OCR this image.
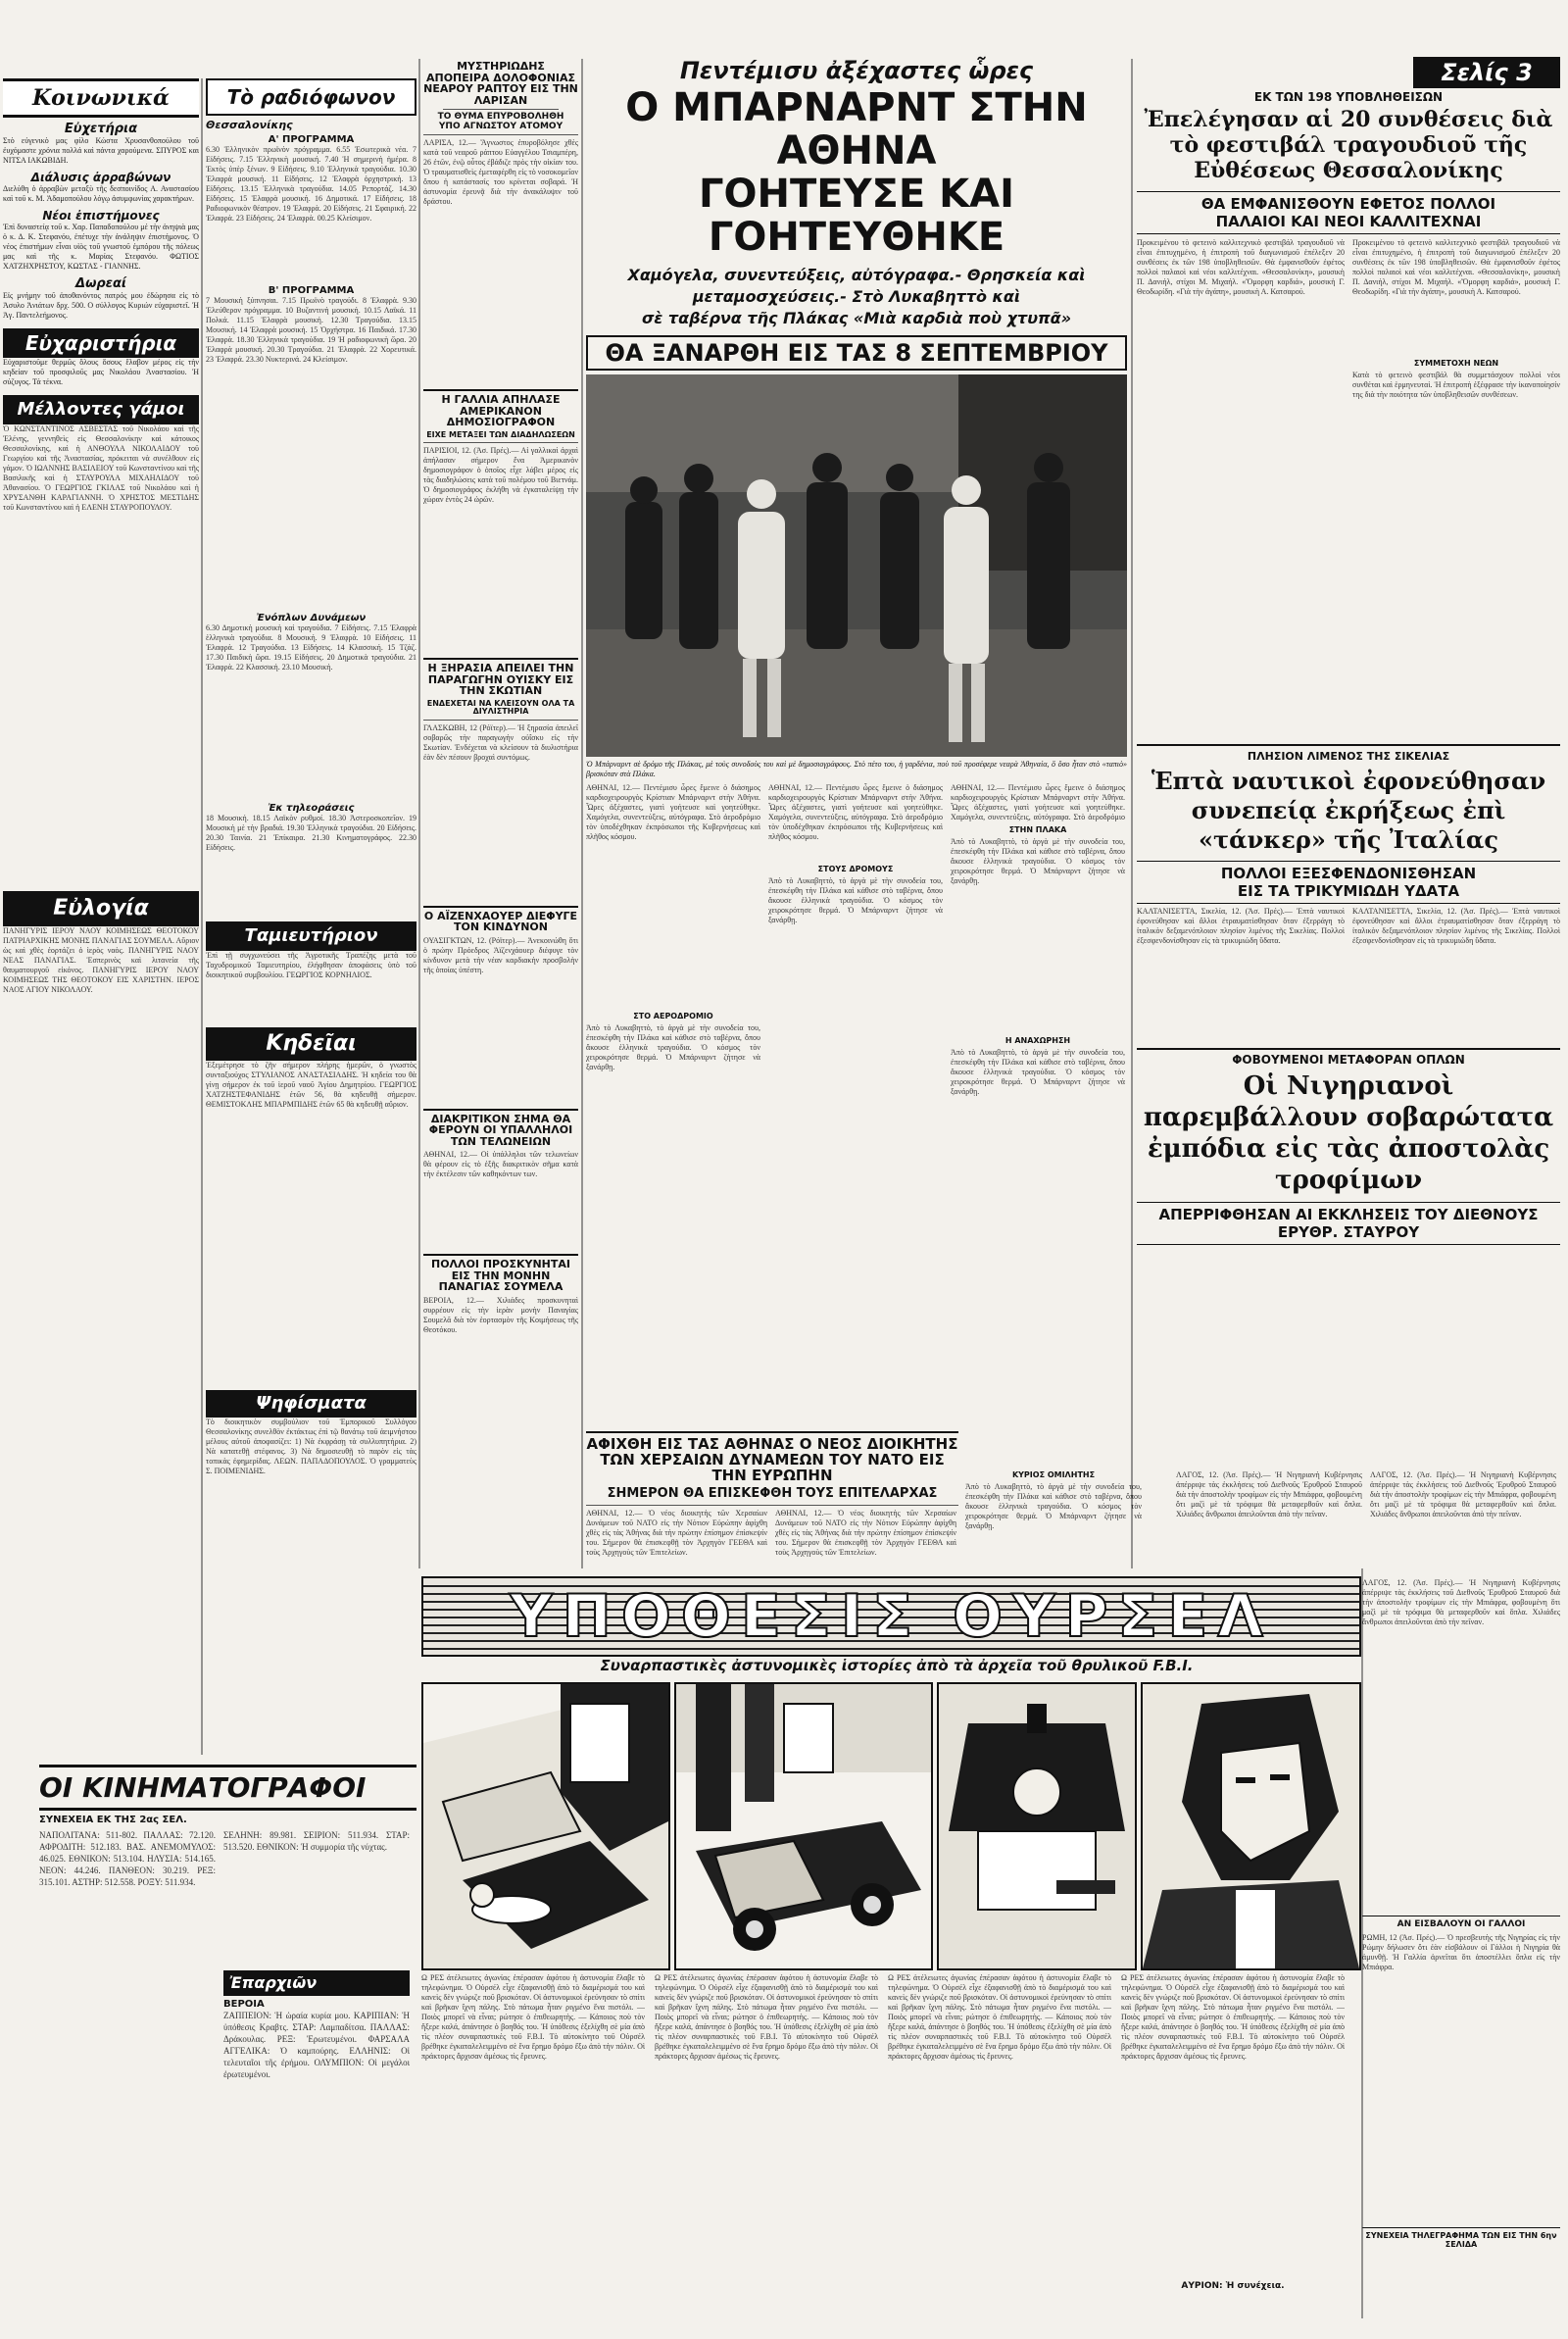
Κοινωνικά
Εὐχετήρια
Στὸ εὐγενικὸ μας φίλο Κώστα Χρυσανθοπούλου τοῦ ἐυχόμαστε χρόνια πολλά καὶ πάντα χαρούμενα. ΣΠΥΡΟΣ και ΝΙΤΣΑ ΙΑΚΩΒΙΔΗ.
Διάλυσις ἀρραβώνων
Διελύθη ὁ ἀρραβὼν μεταξὺ τῆς δεσποινίδος Α. Αναστασίου καὶ τοῦ κ. Μ. Ἀδαμοπούλου λόγῳ ἀσυμφωνίας χαρακτήρων.
Νέοι ἐπιστήμονες
Ἐπὶ δυναστείᾳ τοῦ κ. Χαρ. Παπαδοπούλου μέ τὴν ἀνηψιὰ μας ὁ κ. Δ. Κ. Στεφανόυ, ἐπέτυχε τὴν ἀνάληψιν ἐπιστήμονος. Ὁ νέος ἐπιστήμων εἶναι υἱὸς τοῦ γνωστοῦ ἐμπόρου τῆς πόλεως μας καὶ τῆς κ. Μαρίας Στεφανόυ. ΦΩΤΙΟΣ ΧΑΤΖΗΧΡΗΣΤΟΥ, ΚΩΣΤΑΣ - ΓΙΑΝΝΗΣ.
Δωρεαί
Εἰς μνήμην τοῦ ἀποθανόντος πατρός μου ἐδώρησα εἰς τὸ Ἀσυλο Ἀνιάτων δρχ. 500. Ο σύλλογος Κυριών εὐχαριστεῖ. Ἡ Ἀγ. Παντελεήμονος.
Εὐχαριστήρια
Εὐχαριστοῦμε θερμῶς ὅλους ὅσους ἔλαβον μέρος εἰς τὴν κηδείαν τοῦ προσφιλοῦς μας Νικολάου Ἀναστασίου. Ἡ σύζυγος. Τά τέκνα.
Μέλλοντες γάμοι
Ὁ ΚΩΝΣΤΑΝΤΙΝΟΣ ΑΣΒΕΣΤΑΣ τοῦ Νικολάου καὶ τῆς Ἑλένης, γεννηθεὶς εἰς Θεσσαλονίκην καὶ κάτοικος Θεσσαλονίκης, καὶ ἡ ΑΝΘΟΥΛΑ ΝΙΚΟΛΑΙΔΟΥ τοῦ Γεωργίου καὶ τῆς Ἀναστασίας, πρόκειται νὰ συνέλθουν εἰς γάμον. Ὁ ΙΩΑΝΝΗΣ ΒΑΣΙΛΕΙΟΥ τοῦ Κωνσταντίνου καὶ τῆς Βασιλικῆς καὶ ἡ ΣΤΑΥΡΟΥΛΑ ΜΙΧΑΗΛΙΔΟΥ τοῦ Ἀθανασίου. Ὁ ΓΕΩΡΓΙΟΣ ΓΚΙΛΑΣ τοῦ Νικολάου καὶ ἡ ΧΡΥΣΑΝΘΗ ΚΑΡΑΓΙΑΝΝΗ. Ὁ ΧΡΗΣΤΟΣ ΜΕΣΤΙΔΗΣ τοῦ Κωνσταντίνου καὶ ἡ ΕΛΕΝΗ ΣΤΑΥΡΟΠΟΥΛΟΥ.
Εὐλογία
ΠΑΝΗΓΥΡΙΣ ΙΕΡΟΥ ΝΑΟΥ ΚΟΙΜΗΣΕΩΣ ΘΕΟΤΟΚΟΥ ΠΑΤΡΙΑΡΧΙΚΗΣ ΜΟΝΗΣ ΠΑΝΑΓΙΑΣ ΣΟΥΜΕΛΑ. Αὔριον ὡς καὶ χθὲς ἐορτάζει ὁ ἱερὸς ναὸς. ΠΑΝΗΓΥΡΙΣ ΝΑΟΥ ΝΕΑΣ ΠΑΝΑΓΙΑΣ. Ἑσπερινὸς καὶ λιτανεία τῆς θαυματουργοῦ εἰκόνος. ΠΑΝΗΓΥΡΙΣ ΙΕΡΟΥ ΝΑΟΥ ΚΟΙΜΗΣΕΩΣ ΤΗΣ ΘΕΟΤΟΚΟΥ ΕΙΣ ΧΑΡΙΣΤΗΝ. ΙΕΡΟΣ ΝΑΟΣ ΑΓΙΟΥ ΝΙΚΟΛΑΟΥ.
ΟΙ ΚΙΝΗΜΑΤΟΓΡΑΦΟΙ
ΣΥΝΕΧΕΙΑ ΕΚ ΤΗΣ 2ας ΣΕΛ.
ΝΑΠΟΛΙΤΑΝΑ: 511-802. ΠΑΛΛΑΣ: 72.120. ΑΦΡΟΔΙΤΗ: 512.183. ΒΑΣ. ΑΝΕΜΟΜΥΛΟΣ: 46.025. ΕΘΝΙΚΟΝ: 513.104. ΗΛΥΣΙΑ: 514.165. ΝΕΟΝ: 44.246. ΠΑΝΘΕΟΝ: 30.219. ΡΕΞ: 315.101. ΑΣΤΗΡ: 512.558. ΡΟΞΥ: 511.934.
ΣΕΛΗΝΗ: 89.981. ΣΕΙΡΙΟΝ: 511.934. ΣΤΑΡ: 513.520. ΕΘΝΙΚΟΝ: Ἡ συμμορία τῆς νύχτας.
Ἐπαρχιῶν
ΒΕΡΟΙΑ
ΖΑΠΠΕΙΟΝ: Ἡ ὡραία κυρία μου. ΚΑΡΙΠΙΑΝ: Ἡ ὑπόθεσις Κραβτς. ΣΤΑΡ: Λαμπαδίτσα. ΠΑΛΛΑΣ: Δράκουλας. ΡΕΞ: Ἐρωτευμένοι. ΦΑΡΣΑΛΑ ΑΓΓΕΛΙΚΑ: Ὁ καμπούρης. ΕΛΛΗΝΙΣ: Οἱ τελευταῖοι τῆς ἐρήμου. ΟΛΥΜΠΙΟΝ: Οἱ μεγάλοι ἐρωτευμένοι.
Τὸ ραδιόφωνον
Θεσσαλονίκης
Α' ΠΡΟΓΡΑΜΜΑ
6.30 Ἑλληνικὸν πρωϊνὸν πρόγραμμα. 6.55 Ἐσωτερικὰ νέα. 7 Εἰδήσεις. 7.15 Ἑλληνικὴ μουσική. 7.40 Ἡ σημερινὴ ἡμέρα. 8 Ἐκτὸς ὑπὲρ ξένων. 9 Εἰδήσεις. 9.10 Ἑλληνικὰ τραγούδια. 10.30 Ἐλαφρὰ μουσική. 11 Εἰδήσεις. 12 Ἐλαφρὰ ὀρχηστρική. 13 Εἰδήσεις. 13.15 Ἑλληνικὰ τραγούδια. 14.05 Ρεπορτάζ. 14.30 Εἰδήσεις. 15 Ἐλαφρὰ μουσική. 16 Δημοτικά. 17 Εἰδήσεις. 18 Ραδιοφωνικὸν θέατρον. 19 Ἐλαφρὰ. 20 Εἰδήσεις. 21 Σφαιρική. 22 Ἐλαφρὰ. 23 Εἰδήσεις. 24 Ἐλαφρὰ. 00.25 Κλείσιμον.
Β' ΠΡΟΓΡΑΜΜΑ
7 Μουσικὴ ξύπνησαι. 7.15 Πρωϊνὸ τραγούδι. 8 Ἐλαφρὰ. 9.30 Ἐλεύθερον πρόγραμμα. 10 Βυζαντινὴ μουσική. 10.15 Λαϊκά. 11 Πολκά. 11.15 Ἐλαφρὰ μουσική. 12.30 Τραγούδια. 13.15 Μουσική. 14 Ἐλαφρὰ μουσική. 15 Ὀρχήστρα. 16 Παιδικά. 17.30 Ἐλαφρὰ. 18.30 Ἑλληνικὰ τραγούδια. 19 Ἡ ραδιοφωνικὴ ὥρα. 20 Ἐλαφρὰ μουσική. 20.30 Τραγούδια. 21 Ἐλαφρὰ. 22 Χορευτικά. 23 Ἐλαφρά. 23.30 Νυκτερινά. 24 Κλείσιμον.
Ἐνόπλων Δυνάμεων
6.30 Δημοτικὴ μουσικὴ καὶ τραγούδια. 7 Εἰδήσεις. 7.15 Ἐλαφρὰ ἑλληνικὰ τραγούδια. 8 Μουσική. 9 Ἐλαφρὰ. 10 Εἰδήσεις. 11 Ἐλαφρὰ. 12 Τραγούδια. 13 Εἰδήσεις. 14 Κλασσική. 15 Τζάζ. 17.30 Παιδικὴ ὥρα. 19.15 Εἰδήσεις. 20 Δημοτικὰ τραγούδια. 21 Ἐλαφρὰ. 22 Κλασσική. 23.10 Μουσική.
Ἐκ τηλεοράσεις
18 Μουσική. 18.15 Λαϊκὸν ρυθμοί. 18.30 Ἀστεροσκοπεῖον. 19 Μουσικὴ μὲ τὴν βραδιά. 19.30 Ἑλληνικὰ τραγούδια. 20 Εἰδήσεις. 20.30 Ταινία. 21 Ἐπίκαιρα. 21.30 Κινηματογράφος. 22.30 Εἰδήσεις.
Ταμιευτήριον
Ἐπὶ τῇ συγχωνεύσει τῆς Ἀγροτικῆς Τραπέζης μετὰ τοῦ Ταχυδρομικοῦ Ταμιευτηρίου, ἐλήφθησαν ἀποφάσεις ὑπὸ τοῦ διοικητικοῦ συμβουλίου. ΓΕΩΡΓΙΟΣ ΚΟΡΝΗΛΙΟΣ.
Κηδεῖαι
Ἐξεμέτρησε τὸ ζῆν σήμερον πλήρης ἡμερῶν, ὁ γνωστὸς συνταξιούχος ΣΤΥΛΙΑΝΟΣ ΑΝΑΣΤΑΣΙΑΔΗΣ. Ἡ κηδεία του θὰ γίνῃ σήμερον ἐκ τοῦ ἱεροῦ ναοῦ Ἁγίου Δημητρίου. ΓΕΩΡΓΙΟΣ ΧΑΤΖΗΣΤΕΦΑΝΙΔΗΣ ἐτῶν 56, θὰ κηδευθῇ σήμερον. ΘΕΜΙΣΤΟΚΛΗΣ ΜΠΑΡΜΠΙΔΗΣ ἐτῶν 65 θὰ κηδευθῇ αὔριον.
Ψηφίσματα
Τὸ διοικητικὸν συμβούλιον τοῦ Ἐμπορικοῦ Συλλόγου Θεσσαλονίκης συνελθὸν ἐκτάκτως ἐπὶ τῷ θανάτῳ τοῦ ἀειμνήστου μέλους αὐτοῦ ἀποφασίζει: 1) Νὰ ἐκφράσῃ τὰ συλλυπητήρια. 2) Νὰ κατατεθῇ στέφανος. 3) Νὰ δημοσιευθῇ τὸ παρὸν εἰς τὰς τοπικὰς ἐφημερίδας. ΛΕΩΝ. ΠΑΠΑΔΟΠΟΥΛΟΣ. Ὁ γραμματεὺς Σ. ΠΟΙΜΕΝΙΔΗΣ.
ΜΥΣΤΗΡΙΩΔΗΣ ΑΠΟΠΕΙΡΑ ΔΟΛΟΦΟΝΙΑΣ ΝΕΑΡΟΥ ΡΑΠΤΟΥ ΕΙΣ ΤΗΝ ΛΑΡΙΣΑΝ
ΤΟ ΘΥΜΑ ΕΠΥΡΟΒΟΛΗΘΗ
ΥΠΟ ΑΓΝΩΣΤΟΥ ΑΤΟΜΟΥ
ΛΑΡΙΣΑ, 12.— Ἄγνωστος ἐπυροβόλησε χθὲς κατὰ τοῦ νεαροῦ ράπτου Εὐαγγέλου Τσιαμπέρη, 26 ἐτῶν, ἐνῷ οὗτος ἐβάδιζε πρὸς τὴν οἰκίαν του. Ὁ τραυματισθεὶς ἐμεταφέρθη εἰς τὸ νοσοκομεῖον ὅπου ἡ κατάστασίς του κρίνεται σοβαρά. Ἡ ἀστυνομία ἐρευνᾷ διὰ τὴν ἀνακάλυψιν τοῦ δράστου.
Η ΓΑΛΛΙΑ ΑΠΗΛΑΣΕ ΑΜΕΡΙΚΑΝΟΝ ΔΗΜΟΣΙΟΓΡΑΦΟΝ
ΕΙΧΕ ΜΕΤΑΞΕΙ ΤΩΝ ΔΙΑΔΗΛΩΣΕΩΝ
ΠΑΡΙΣΙΟΙ, 12. (Ἀσ. Πρές).— Αἱ γαλλικαὶ ἀρχαὶ ἀπήλασαν σήμερον ἕνα Ἀμερικανὸν δημοσιογράφον ὁ ὁποῖος εἶχε λάβει μέρος εἰς τὰς διαδηλώσεις κατὰ τοῦ πολέμου τοῦ Βιετνάμ. Ὁ δημοσιογράφος ἐκλήθη νὰ ἐγκαταλείψῃ τὴν χώραν ἐντὸς 24 ὡρῶν.
Η ΞΗΡΑΣΙΑ ΑΠΕΙΛΕΙ ΤΗΝ ΠΑΡΑΓΩΓΗΝ ΟΥΙΣΚΥ ΕΙΣ ΤΗΝ ΣΚΩΤΙΑΝ
ΕΝΔΕΧΕΤΑΙ ΝΑ ΚΛΕΙΣΟΥΝ ΟΛΑ ΤΑ ΔΙΥΛΙΣΤΗΡΙΑ
ΓΛΑΣΚΩΒΗ, 12 (Ρόϊτερ).— Ἡ ξηρασία ἀπειλεῖ σοβαρῶς τὴν παραγωγὴν οὐΐσκυ εἰς τὴν Σκωτίαν. Ἐνδέχεται νὰ κλείσουν τὰ διυλιστήρια ἐὰν δὲν πέσουν βροχαὶ συντόμως.
Ο ΑΪΖΕΝΧΑΟΥΕΡ ΔΙΕΦΥΓΕ ΤΟΝ ΚΙΝΔΥΝΟΝ
ΟΥΑΣΙΓΚΤΩΝ, 12. (Ρόϊτερ).— Ἀνεκοινώθη ὅτι ὁ πρώην Πρόεδρος Ἀϊζενχάουερ διέφυγε τὸν κίνδυνον μετὰ τὴν νέαν καρδιακὴν προσβολὴν τῆς ὁποίας ὑπέστη.
ΔΙΑΚΡΙΤΙΚΟΝ ΣΗΜΑ ΘΑ ΦΕΡΟΥΝ ΟΙ ΥΠΑΛΛΗΛΟΙ ΤΩΝ ΤΕΛΩΝΕΙΩΝ
ΑΘΗΝΑΙ, 12.— Οἱ ὑπάλληλοι τῶν τελωνείων θὰ φέρουν εἰς τὸ ἑξῆς διακριτικὸν σῆμα κατὰ τὴν ἐκτέλεσιν τῶν καθηκόντων των.
ΠΟΛΛΟΙ ΠΡΟΣΚΥΝΗΤΑΙ ΕΙΣ ΤΗΝ ΜΟΝΗΝ ΠΑΝΑΓΙΑΣ ΣΟΥΜΕΛΑ
ΒΕΡΟΙΑ, 12.— Χιλιάδες προσκυνηταὶ συρρέουν εἰς τὴν ἱερὰν μονὴν Παναγίας Σουμελᾶ διὰ τὸν ἑορτασμὸν τῆς Κοιμήσεως τῆς Θεοτόκου.
Πεντέμισυ ἀξέχαστες ὧρες
Ο ΜΠΑΡΝΑΡΝΤ ΣΤΗΝ ΑΘΗΝΑ
ΓΟΗΤΕΥΣΕ ΚΑΙ ΓΟΗΤΕΥΘΗΚΕ
Χαμόγελα, συνεντεύξεις, αὐτόγραφα.- Θρησκεία καὶ μεταμοσχεύσεις.- Στὸ Λυκαβηττὸ καὶ
σὲ ταβέρνα τῆς Πλάκας «Μιὰ καρδιὰ ποὺ χτυπᾶ»
ΘΑ ΞΑΝΑΡΘΗ ΕΙΣ ΤΑΣ 8 ΣΕΠΤΕΜΒΡΙΟΥ
Ὁ Μπάρναρντ σὲ δρόμο τῆς Πλάκας, μὲ τοὺς συνοδοὺς του καὶ μὲ δημοσιογράφους. Στὸ πέτο του, ἡ γαρδένια, ποὺ τοῦ προσέφερε νεαρὰ Ἀθηναία, ὅ ὅσο ἦταν στὸ «ταπιὸ» βρισκόταν στὰ Πλάκα.
ΑΘΗΝΑΙ, 12.— Πεντέμισυ ὧρες ἔμεινε ὁ διάσημος καρδιοχειρουργὸς Κρίστιαν Μπάρναρντ στὴν Ἀθήνα. Ὧρες ἀξέχαστες, γιατὶ γοήτευσε καὶ γοητεύθηκε. Χαμόγελα, συνεντεύξεις, αὐτόγραφα. Στὸ ἀεροδρόμιο τὸν ὑποδέχθηκαν ἐκπρόσωποι τῆς Κυβερνήσεως καὶ πλῆθος κόσμου.
ΣΤΟ ΑΕΡΟΔΡΟΜΙΟ
Ἀπὸ τὸ Λυκαβηττὸ, τὸ ἀργὰ μὲ τὴν συνοδεία του, ἐπεσκέφθη τὴν Πλάκα καὶ κάθισε στὸ ταβέρνα, ὅπου ἄκουσε ἑλληνικὰ τραγούδια. Ὁ κόσμος τὸν χειροκρότησε θερμά. Ὁ Μπάρναρντ ζήτησε νὰ ξανάρθῃ.
ΑΘΗΝΑΙ, 12.— Πεντέμισυ ὧρες ἔμεινε ὁ διάσημος καρδιοχειρουργὸς Κρίστιαν Μπάρναρντ στὴν Ἀθήνα. Ὧρες ἀξέχαστες, γιατὶ γοήτευσε καὶ γοητεύθηκε. Χαμόγελα, συνεντεύξεις, αὐτόγραφα. Στὸ ἀεροδρόμιο τὸν ὑποδέχθηκαν ἐκπρόσωποι τῆς Κυβερνήσεως καὶ πλῆθος κόσμου.
ΣΤΟΥΣ ΔΡΟΜΟΥΣ
Ἀπὸ τὸ Λυκαβηττὸ, τὸ ἀργὰ μὲ τὴν συνοδεία του, ἐπεσκέφθη τὴν Πλάκα καὶ κάθισε στὸ ταβέρνα, ὅπου ἄκουσε ἑλληνικὰ τραγούδια. Ὁ κόσμος τὸν χειροκρότησε θερμά. Ὁ Μπάρναρντ ζήτησε νὰ ξανάρθῃ.
ΑΘΗΝΑΙ, 12.— Πεντέμισυ ὧρες ἔμεινε ὁ διάσημος καρδιοχειρουργὸς Κρίστιαν Μπάρναρντ στὴν Ἀθήνα. Ὧρες ἀξέχαστες, γιατὶ γοήτευσε καὶ γοητεύθηκε. Χαμόγελα, συνεντεύξεις, αὐτόγραφα. Στὸ ἀεροδρόμιο
ΣΤΗΝ ΠΛΑΚΑ
Ἀπὸ τὸ Λυκαβηττὸ, τὸ ἀργὰ μὲ τὴν συνοδεία του, ἐπεσκέφθη τὴν Πλάκα καὶ κάθισε στὸ ταβέρνα, ὅπου ἄκουσε ἑλληνικὰ τραγούδια. Ὁ κόσμος τὸν χειροκρότησε θερμά. Ὁ Μπάρναρντ ζήτησε νὰ ξανάρθῃ.
Η ΑΝΑΧΩΡΗΣΗ
Ἀπὸ τὸ Λυκαβηττὸ, τὸ ἀργὰ μὲ τὴν συνοδεία του, ἐπεσκέφθη τὴν Πλάκα καὶ κάθισε στὸ ταβέρνα, ὅπου ἄκουσε ἑλληνικὰ τραγούδια. Ὁ κόσμος τὸν χειροκρότησε θερμά. Ὁ Μπάρναρντ ζήτησε νὰ ξανάρθῃ.
ΑΦΙΧΘΗ ΕΙΣ ΤΑΣ ΑΘΗΝΑΣ Ο ΝΕΟΣ ΔΙΟΙΚΗΤΗΣ ΤΩΝ ΧΕΡΣΑΙΩΝ ΔΥΝΑΜΕΩΝ ΤΟΥ ΝΑΤΟ ΕΙΣ ΤΗΝ ΕΥΡΩΠΗΝ
ΣΗΜΕΡΟΝ ΘΑ ΕΠΙΣΚΕΦΘΗ ΤΟΥΣ ΕΠΙΤΕΛΑΡΧΑΣ
ΑΘΗΝΑΙ, 12.— Ὁ νέος διοικητὴς τῶν Χερσαίων Δυνάμεων τοῦ ΝΑΤΟ εἰς τὴν Νότιον Εὐρώπην ἀφίχθη χθὲς εἰς τὰς Ἀθήνας διὰ τὴν πρώτην ἐπίσημον ἐπίσκεψίν του. Σήμερον θὰ ἐπισκεφθῇ τὸν Ἀρχηγὸν ΓΕΕΘΑ καὶ τοὺς Ἀρχηγοὺς τῶν Ἐπιτελείων.
ΑΘΗΝΑΙ, 12.— Ὁ νέος διοικητὴς τῶν Χερσαίων Δυνάμεων τοῦ ΝΑΤΟ εἰς τὴν Νότιον Εὐρώπην ἀφίχθη χθὲς εἰς τὰς Ἀθήνας διὰ τὴν πρώτην ἐπίσημον ἐπίσκεψίν του. Σήμερον θὰ ἐπισκεφθῇ τὸν Ἀρχηγὸν ΓΕΕΘΑ καὶ τοὺς Ἀρχηγοὺς τῶν Ἐπιτελείων.
ΚΥΡΙΟΣ ΟΜΙΛΗΤΗΣ
Ἀπὸ τὸ Λυκαβηττὸ, τὸ ἀργὰ μὲ τὴν συνοδεία του, ἐπεσκέφθη τὴν Πλάκα καὶ κάθισε στὸ ταβέρνα, ὅπου ἄκουσε ἑλληνικὰ τραγούδια. Ὁ κόσμος τὸν χειροκρότησε θερμά. Ὁ Μπάρναρντ ζήτησε νὰ ξανάρθῃ.
Σελίς 3
ΕΚ ΤΩΝ 198 ΥΠΟΒΛΗΘΕΙΣΩΝ
Ἐπελέγησαν αἱ 20 συνθέσεις διὰ τὸ φεστιβάλ τραγουδιοῦ τῆς Εὐθέσεως Θεσσαλονίκης
ΘΑ ΕΜΦΑΝΙΣΘΟΥΝ ΕΦΕΤΟΣ ΠΟΛΛΟΙ
ΠΑΛΑΙΟΙ ΚΑΙ ΝΕΟΙ ΚΑΛΛΙΤΕΧΝΑΙ
Προκειμένου τὸ φετεινὸ καλλιτεχνικὸ φεστιβάλ τραγουδιοῦ νὰ εἶναι ἐπιτυχημένο, ἡ ἐπιτροπὴ τοῦ διαγωνισμοῦ ἐπέλεξεν 20 συνθέσεις ἐκ τῶν 198 ὑποβληθεισῶν. Θὰ ἐμφανισθοῦν ἐφέτος πολλοὶ παλαιοὶ καὶ νέοι καλλιτέχναι. «Θεσσαλονίκη», μουσικὴ Π. Δανιήλ, στίχοι Μ. Μιχαήλ. «Ὅμορφη καρδιά», μουσικὴ Γ. Θεοδωρίδη. «Γιὰ τὴν ἀγάπη», μουσικὴ Α. Κατσαρού.
Προκειμένου τὸ φετεινὸ καλλιτεχνικὸ φεστιβάλ τραγουδιοῦ νὰ εἶναι ἐπιτυχημένο, ἡ ἐπιτροπὴ τοῦ διαγωνισμοῦ ἐπέλεξεν 20 συνθέσεις ἐκ τῶν 198 ὑποβληθεισῶν. Θὰ ἐμφανισθοῦν ἐφέτος πολλοὶ παλαιοὶ καὶ νέοι καλλιτέχναι. «Θεσσαλονίκη», μουσικὴ Π. Δανιήλ, στίχοι Μ. Μιχαήλ. «Ὅμορφη καρδιά», μουσικὴ Γ. Θεοδωρίδη. «Γιὰ τὴν ἀγάπη», μουσικὴ Α. Κατσαρού.
ΣΥΜΜΕΤΟΧΗ ΝΕΩΝ
Κατὰ τὸ φετεινὸ φεστιβάλ θὰ συμμετάσχουν πολλοὶ νέοι συνθέται καὶ ἑρμηνευταὶ. Ἡ ἐπιτροπὴ ἐξέφρασε τὴν ἱκανοποίησίν της διὰ τὴν ποιότητα τῶν ὑποβληθεισῶν συνθέσεων.
ΠΛΗΣΙΟΝ ΛΙΜΕΝΟΣ ΤΗΣ ΣΙΚΕΛΙΑΣ
Ἑπτὰ ναυτικοὶ ἐφονεύθησαν συνεπείᾳ ἐκρήξεως ἐπὶ «τάνκερ» τῆς Ἰταλίας
ΠΟΛΛΟΙ ΕΞΕΣΦΕΝΔΟΝΙΣΘΗΣΑΝ
ΕΙΣ ΤΑ ΤΡΙΚΥΜΙΩΔΗ ΥΔΑΤΑ
ΚΑΛΤΑΝΙΣΕΤΤΑ, Σικελία, 12. (Ἀσ. Πρές).— Ἑπτὰ ναυτικοὶ ἐφονεύθησαν καὶ ἄλλοι ἐτραυματίσθησαν ὅταν ἐξερράγη τὸ ἰταλικὸν δεξαμενόπλοιον πλησίον λιμένος τῆς Σικελίας. Πολλοὶ ἐξεσφενδονίσθησαν εἰς τὰ τρικυμιώδη ὕδατα.
ΚΑΛΤΑΝΙΣΕΤΤΑ, Σικελία, 12. (Ἀσ. Πρές).— Ἑπτὰ ναυτικοὶ ἐφονεύθησαν καὶ ἄλλοι ἐτραυματίσθησαν ὅταν ἐξερράγη τὸ ἰταλικὸν δεξαμενόπλοιον πλησίον λιμένος τῆς Σικελίας. Πολλοὶ ἐξεσφενδονίσθησαν εἰς τὰ τρικυμιώδη ὕδατα.
ΦΟΒΟΥΜΕΝΟΙ ΜΕΤΑΦΟΡΑΝ ΟΠΛΩΝ
Οἱ Νιγηριανοὶ παρεμβάλλουν σοβαρώτατα ἐμπόδια εἰς τὰς ἀποστολὰς τροφίμων
ΑΠΕΡΡΙΦΘΗΣΑΝ ΑΙ ΕΚΚΛΗΣΕΙΣ ΤΟΥ ΔΙΕΘΝΟΥΣ ΕΡΥΘΡ. ΣΤΑΥΡΟΥ
ΛΑΓΟΣ, 12. (Ἀσ. Πρές).— Ἡ Νιγηριανὴ Κυβέρνησις ἀπέρριψε τὰς ἐκκλήσεις τοῦ Διεθνοῦς Ἐρυθροῦ Σταυροῦ διὰ τὴν ἀποστολὴν τροφίμων εἰς τὴν Μπιάφρα, φοβουμένη ὅτι μαζὶ μὲ τὰ τρόφιμα θὰ μεταφερθοῦν καὶ ὅπλα. Χιλιάδες ἄνθρωποι ἀπειλοῦνται ἀπὸ τὴν πεῖναν.
ΛΑΓΟΣ, 12. (Ἀσ. Πρές).— Ἡ Νιγηριανὴ Κυβέρνησις ἀπέρριψε τὰς ἐκκλήσεις τοῦ Διεθνοῦς Ἐρυθροῦ Σταυροῦ διὰ τὴν ἀποστολὴν τροφίμων εἰς τὴν Μπιάφρα, φοβουμένη ὅτι μαζὶ μὲ τὰ τρόφιμα θὰ μεταφερθοῦν καὶ ὅπλα. Χιλιάδες ἄνθρωποι ἀπειλοῦνται ἀπὸ τὴν πεῖναν.
ΛΑΓΟΣ, 12. (Ἀσ. Πρές).— Ἡ Νιγηριανὴ Κυβέρνησις ἀπέρριψε τὰς ἐκκλήσεις τοῦ Διεθνοῦς Ἐρυθροῦ Σταυροῦ διὰ τὴν ἀποστολὴν τροφίμων εἰς τὴν Μπιάφρα, φοβουμένη ὅτι μαζὶ μὲ τὰ τρόφιμα θὰ μεταφερθοῦν καὶ ὅπλα. Χιλιάδες ἄνθρωποι ἀπειλοῦνται ἀπὸ τὴν πεῖναν.
ΑΝ ΕΙΣΒΑΛΟΥΝ ΟΙ ΓΑΛΛΟΙ
ΡΩΜΗ, 12 (Ἀσ. Πρές).— Ὁ πρεσβευτὴς τῆς Νιγηρίας εἰς τὴν Ρώμην δήλωσεν ὅτι ἐὰν εἰσβάλουν οἱ Γάλλοι ἡ Νιγηρία θὰ ἀμυνθῇ. Ἡ Γαλλία ἀρνεῖται ὅτι ἀποστέλλει ὅπλα εἰς τὴν Μπιάφρα.
ΣΥΝΕΧΕΙΑ ΤΗΛΕΓΡΑΦΗΜΑ ΤΩΝ ΕΙΣ ΤΗΝ 6ην ΣΕΛΙΔΑ
ΥΠΟΘΕΣΙΣ ΟΥΡΣΕΛ
Συναρπαστικὲς ἀστυνομικὲς ἱστορίες ἀπὸ τὰ ἀρχεῖα τοῦ θρυλικοῦ F.B.I.
Ω ΡΕΣ ἀτέλειωτες ἀγωνίας ἐπέρασαν ἀφότου ἡ ἀστυνομία ἔλαβε τὸ τηλεφώνημα. Ὁ Οὐρσέλ εἶχε ἐξαφανισθῇ ἀπὸ τὸ διαμέρισμά του καὶ κανεὶς δὲν γνώριζε ποῦ βρισκόταν. Οἱ ἀστυνομικοὶ ἐρεύνησαν τὸ σπίτι καὶ βρῆκαν ἴχνη πάλης. Στὸ πάτωμα ἦταν ριγμένο ἕνα πιστόλι. — Ποιὸς μπορεῖ νὰ εἶναι; ρώτησε ὁ ἐπιθεωρητὴς. — Κάποιος ποὺ τὸν ἤξερε καλά, ἀπάντησε ὁ βοηθός του. Ἡ ὑπόθεσις ἐξελίχθη σὲ μία ἀπὸ τὶς πλέον συναρπαστικὲς τοῦ F.B.I. Τὸ αὐτοκίνητο τοῦ Οὐρσέλ βρέθηκε ἐγκαταλελειμμένο σὲ ἕνα ἔρημο δρόμο ἔξω ἀπὸ τὴν πόλιν. Οἱ πράκτορες ἄρχισαν ἀμέσως τὶς ἔρευνες.
Ω ΡΕΣ ἀτέλειωτες ἀγωνίας ἐπέρασαν ἀφότου ἡ ἀστυνομία ἔλαβε τὸ τηλεφώνημα. Ὁ Οὐρσέλ εἶχε ἐξαφανισθῇ ἀπὸ τὸ διαμέρισμά του καὶ κανεὶς δὲν γνώριζε ποῦ βρισκόταν. Οἱ ἀστυνομικοὶ ἐρεύνησαν τὸ σπίτι καὶ βρῆκαν ἴχνη πάλης. Στὸ πάτωμα ἦταν ριγμένο ἕνα πιστόλι. — Ποιὸς μπορεῖ νὰ εἶναι; ρώτησε ὁ ἐπιθεωρητὴς. — Κάποιος ποὺ τὸν ἤξερε καλά, ἀπάντησε ὁ βοηθός του. Ἡ ὑπόθεσις ἐξελίχθη σὲ μία ἀπὸ τὶς πλέον συναρπαστικὲς τοῦ F.B.I. Τὸ αὐτοκίνητο τοῦ Οὐρσέλ βρέθηκε ἐγκαταλελειμμένο σὲ ἕνα ἔρημο δρόμο ἔξω ἀπὸ τὴν πόλιν. Οἱ πράκτορες ἄρχισαν ἀμέσως τὶς ἔρευνες.
Ω ΡΕΣ ἀτέλειωτες ἀγωνίας ἐπέρασαν ἀφότου ἡ ἀστυνομία ἔλαβε τὸ τηλεφώνημα. Ὁ Οὐρσέλ εἶχε ἐξαφανισθῇ ἀπὸ τὸ διαμέρισμά του καὶ κανεὶς δὲν γνώριζε ποῦ βρισκόταν. Οἱ ἀστυνομικοὶ ἐρεύνησαν τὸ σπίτι καὶ βρῆκαν ἴχνη πάλης. Στὸ πάτωμα ἦταν ριγμένο ἕνα πιστόλι. — Ποιὸς μπορεῖ νὰ εἶναι; ρώτησε ὁ ἐπιθεωρητὴς. — Κάποιος ποὺ τὸν ἤξερε καλά, ἀπάντησε ὁ βοηθός του. Ἡ ὑπόθεσις ἐξελίχθη σὲ μία ἀπὸ τὶς πλέον συναρπαστικὲς τοῦ F.B.I. Τὸ αὐτοκίνητο τοῦ Οὐρσέλ βρέθηκε ἐγκαταλελειμμένο σὲ ἕνα ἔρημο δρόμο ἔξω ἀπὸ τὴν πόλιν. Οἱ πράκτορες ἄρχισαν ἀμέσως τὶς ἔρευνες.
Ω ΡΕΣ ἀτέλειωτες ἀγωνίας ἐπέρασαν ἀφότου ἡ ἀστυνομία ἔλαβε τὸ τηλεφώνημα. Ὁ Οὐρσέλ εἶχε ἐξαφανισθῇ ἀπὸ τὸ διαμέρισμά του καὶ κανεὶς δὲν γνώριζε ποῦ βρισκόταν. Οἱ ἀστυνομικοὶ ἐρεύνησαν τὸ σπίτι καὶ βρῆκαν ἴχνη πάλης. Στὸ πάτωμα ἦταν ριγμένο ἕνα πιστόλι. — Ποιὸς μπορεῖ νὰ εἶναι; ρώτησε ὁ ἐπιθεωρητὴς. — Κάποιος ποὺ τὸν ἤξερε καλά, ἀπάντησε ὁ βοηθός του. Ἡ ὑπόθεσις ἐξελίχθη σὲ μία ἀπὸ τὶς πλέον συναρπαστικὲς τοῦ F.B.I. Τὸ αὐτοκίνητο τοῦ Οὐρσέλ βρέθηκε ἐγκαταλελειμμένο σὲ ἕνα ἔρημο δρόμο ἔξω ἀπὸ τὴν πόλιν. Οἱ πράκτορες ἄρχισαν ἀμέσως τὶς ἔρευνες.
ΑΥΡΙΟΝ: Ἡ συνέχεια.
